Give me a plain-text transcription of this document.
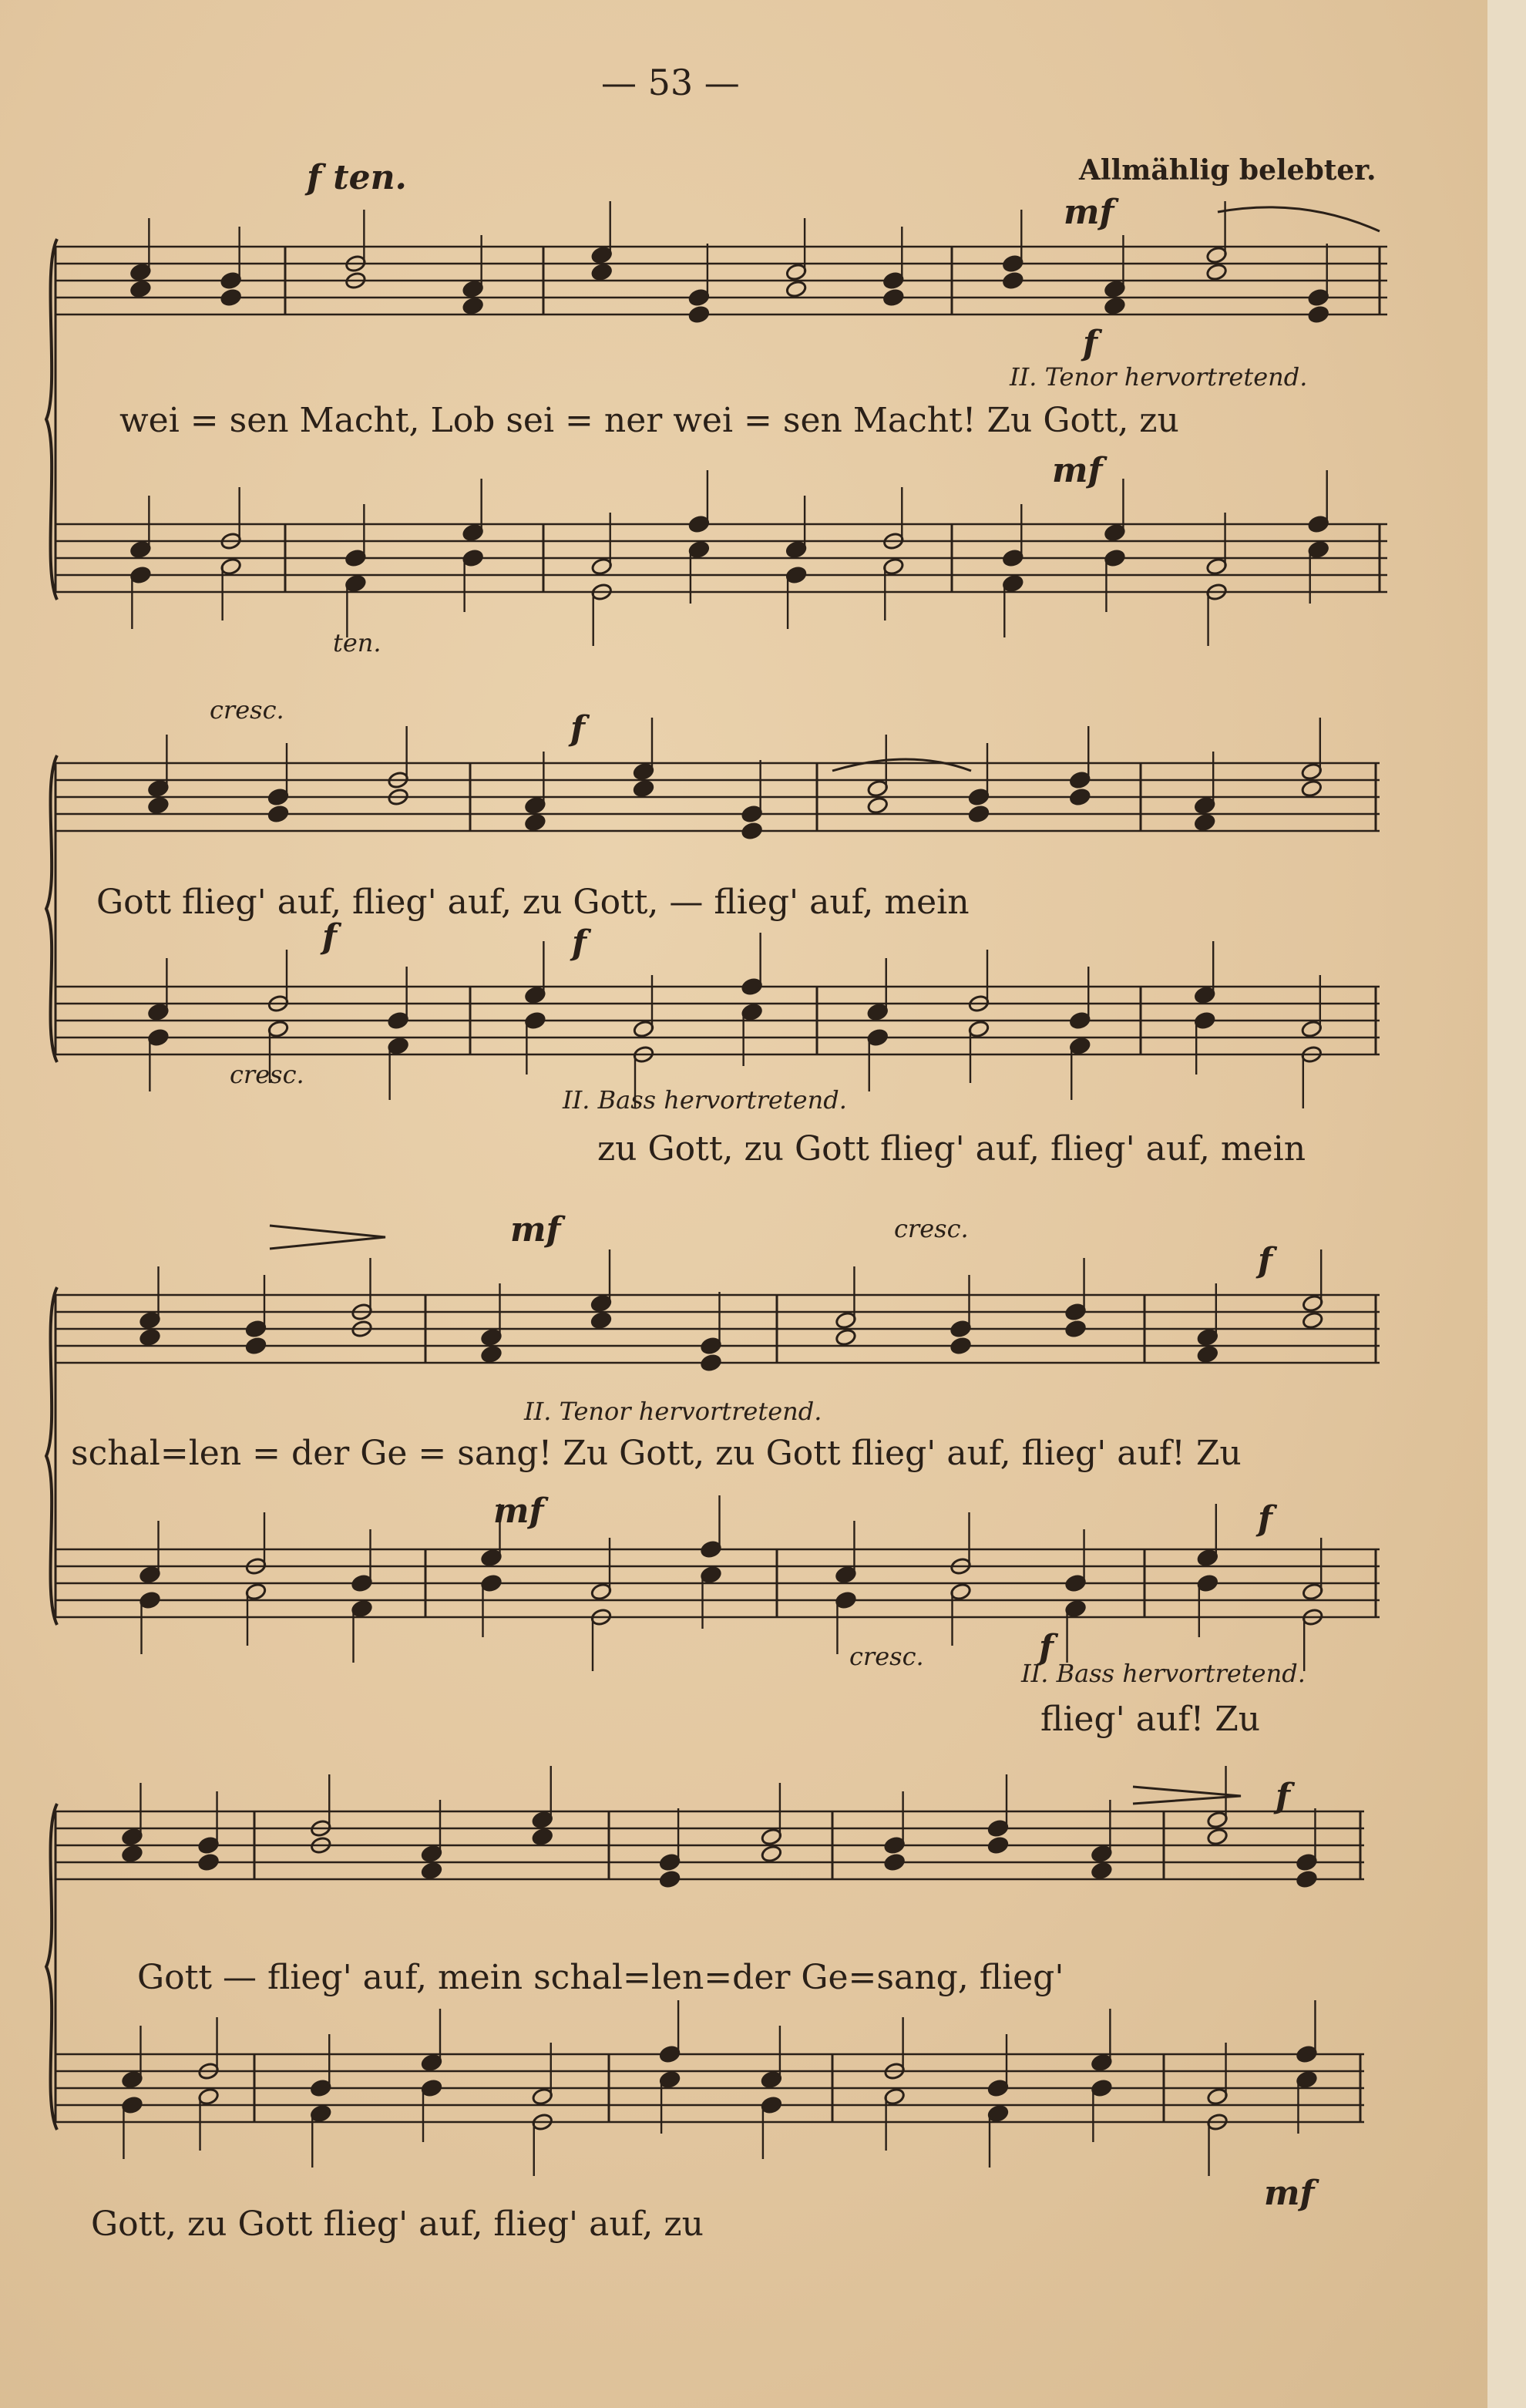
— 53 —
Allmählig belebter.
wei = sen Macht, Lob sei = ner wei = sen Macht! Zu Gott, zu
f ten.
mf
f
II. Tenor hervortretend.
mf
ten.
Gott flieg' auf, flieg' auf, zu Gott, — flieg' auf, mein
zu Gott, zu Gott flieg' auf, flieg' auf, mein
cresc.	f
f	f
cresc.
II. Bass hervortretend.
schal=len = der Ge = sang! Zu Gott, zu Gott flieg' auf, flieg' auf! Zu
flieg' auf! Zu
mf	cresc.
f
II. Tenor hervortretend.
mf	f
cresc.	f
II. Bass hervortretend.
Gott — flieg' auf, mein schal=len=der Ge=sang, flieg'
Gott, zu Gott flieg' auf, flieg' auf, zu
f
mf
